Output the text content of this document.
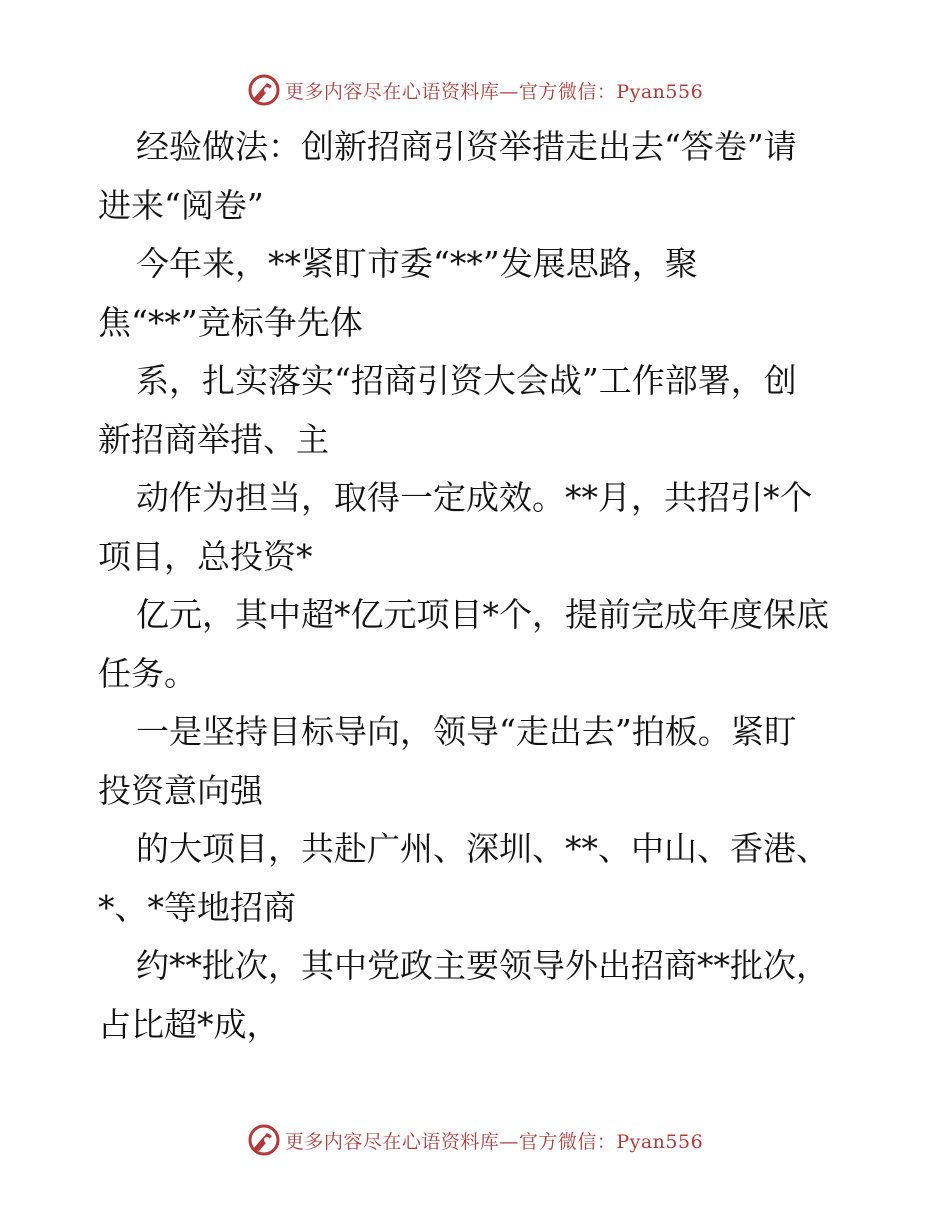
更多内容尽在心语资料库—官方微信：Pyan556
经验做法：创新招商引资举措走出去“答卷”请
进来“阅卷”
今年来，**紧盯市委“**”发展思路，聚
焦“**”竞标争先体
系，扎实落实“招商引资大会战”工作部署，创
新招商举措、主
动作为担当，取得一定成效。**月，共招引*个
项目，总投资*
亿元，其中超*亿元项目*个，提前完成年度保底
任务。
一是坚持目标导向，领导“走出去”拍板。紧盯
投资意向强
的大项目，共赴广州、深圳、**、中山、香港、
*、*等地招商
约**批次，其中党政主要领导外出招商**批次，
占比超*成，
更多内容尽在心语资料库—官方微信：Pyan556
